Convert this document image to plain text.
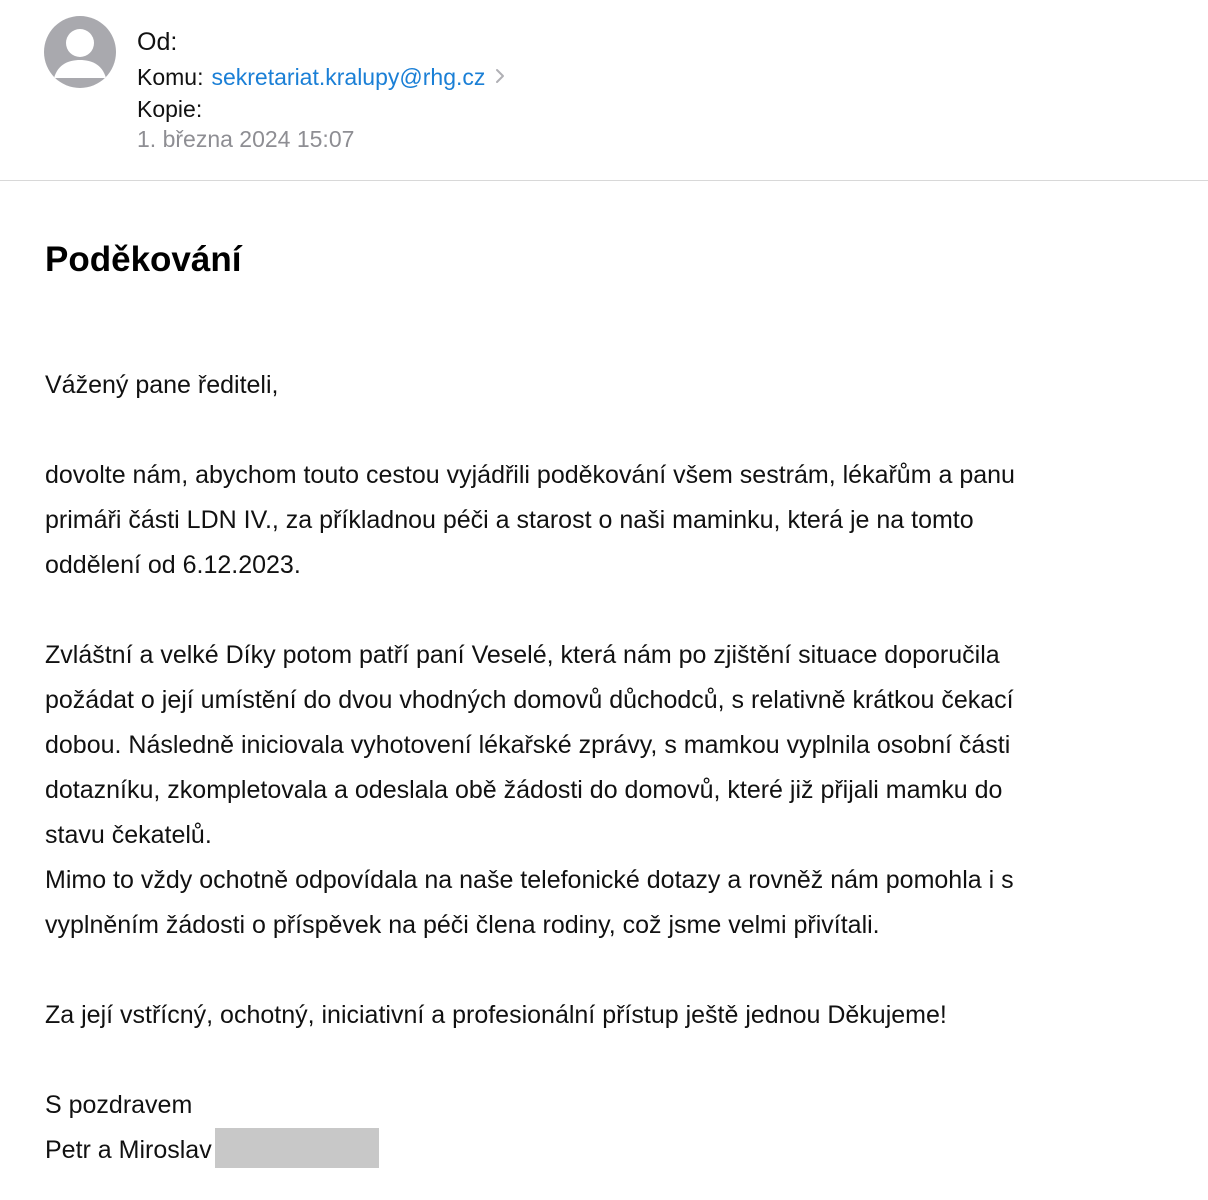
Od:
Komu: sekretariat.kralupy@rhg.cz
Kopie:
1. března 2024 15:07
Poděkování
Vážený pane řediteli,
dovolte nám, abychom touto cestou vyjádřili poděkování všem sestrám, lékařům a panu
primáři části LDN IV., za příkladnou péči a starost o naši maminku, která je na tomto
oddělení od 6.12.2023.
Zvláštní a velké Díky potom patří paní Veselé, která nám po zjištění situace doporučila
požádat o její umístění do dvou vhodných domovů důchodců, s relativně krátkou čekací
dobou. Následně iniciovala vyhotovení lékařské zprávy, s mamkou vyplnila osobní části
dotazníku, zkompletovala a odeslala obě žádosti do domovů, které již přijali mamku do
stavu čekatelů.
Mimo to vždy ochotně odpovídala na naše telefonické dotazy a rovněž nám pomohla i s
vyplněním žádosti o příspěvek na péči člena rodiny, což jsme velmi přivítali.
Za její vstřícný, ochotný, iniciativní a profesionální přístup ještě jednou Děkujeme!
S pozdravem
Petr a Miroslav
